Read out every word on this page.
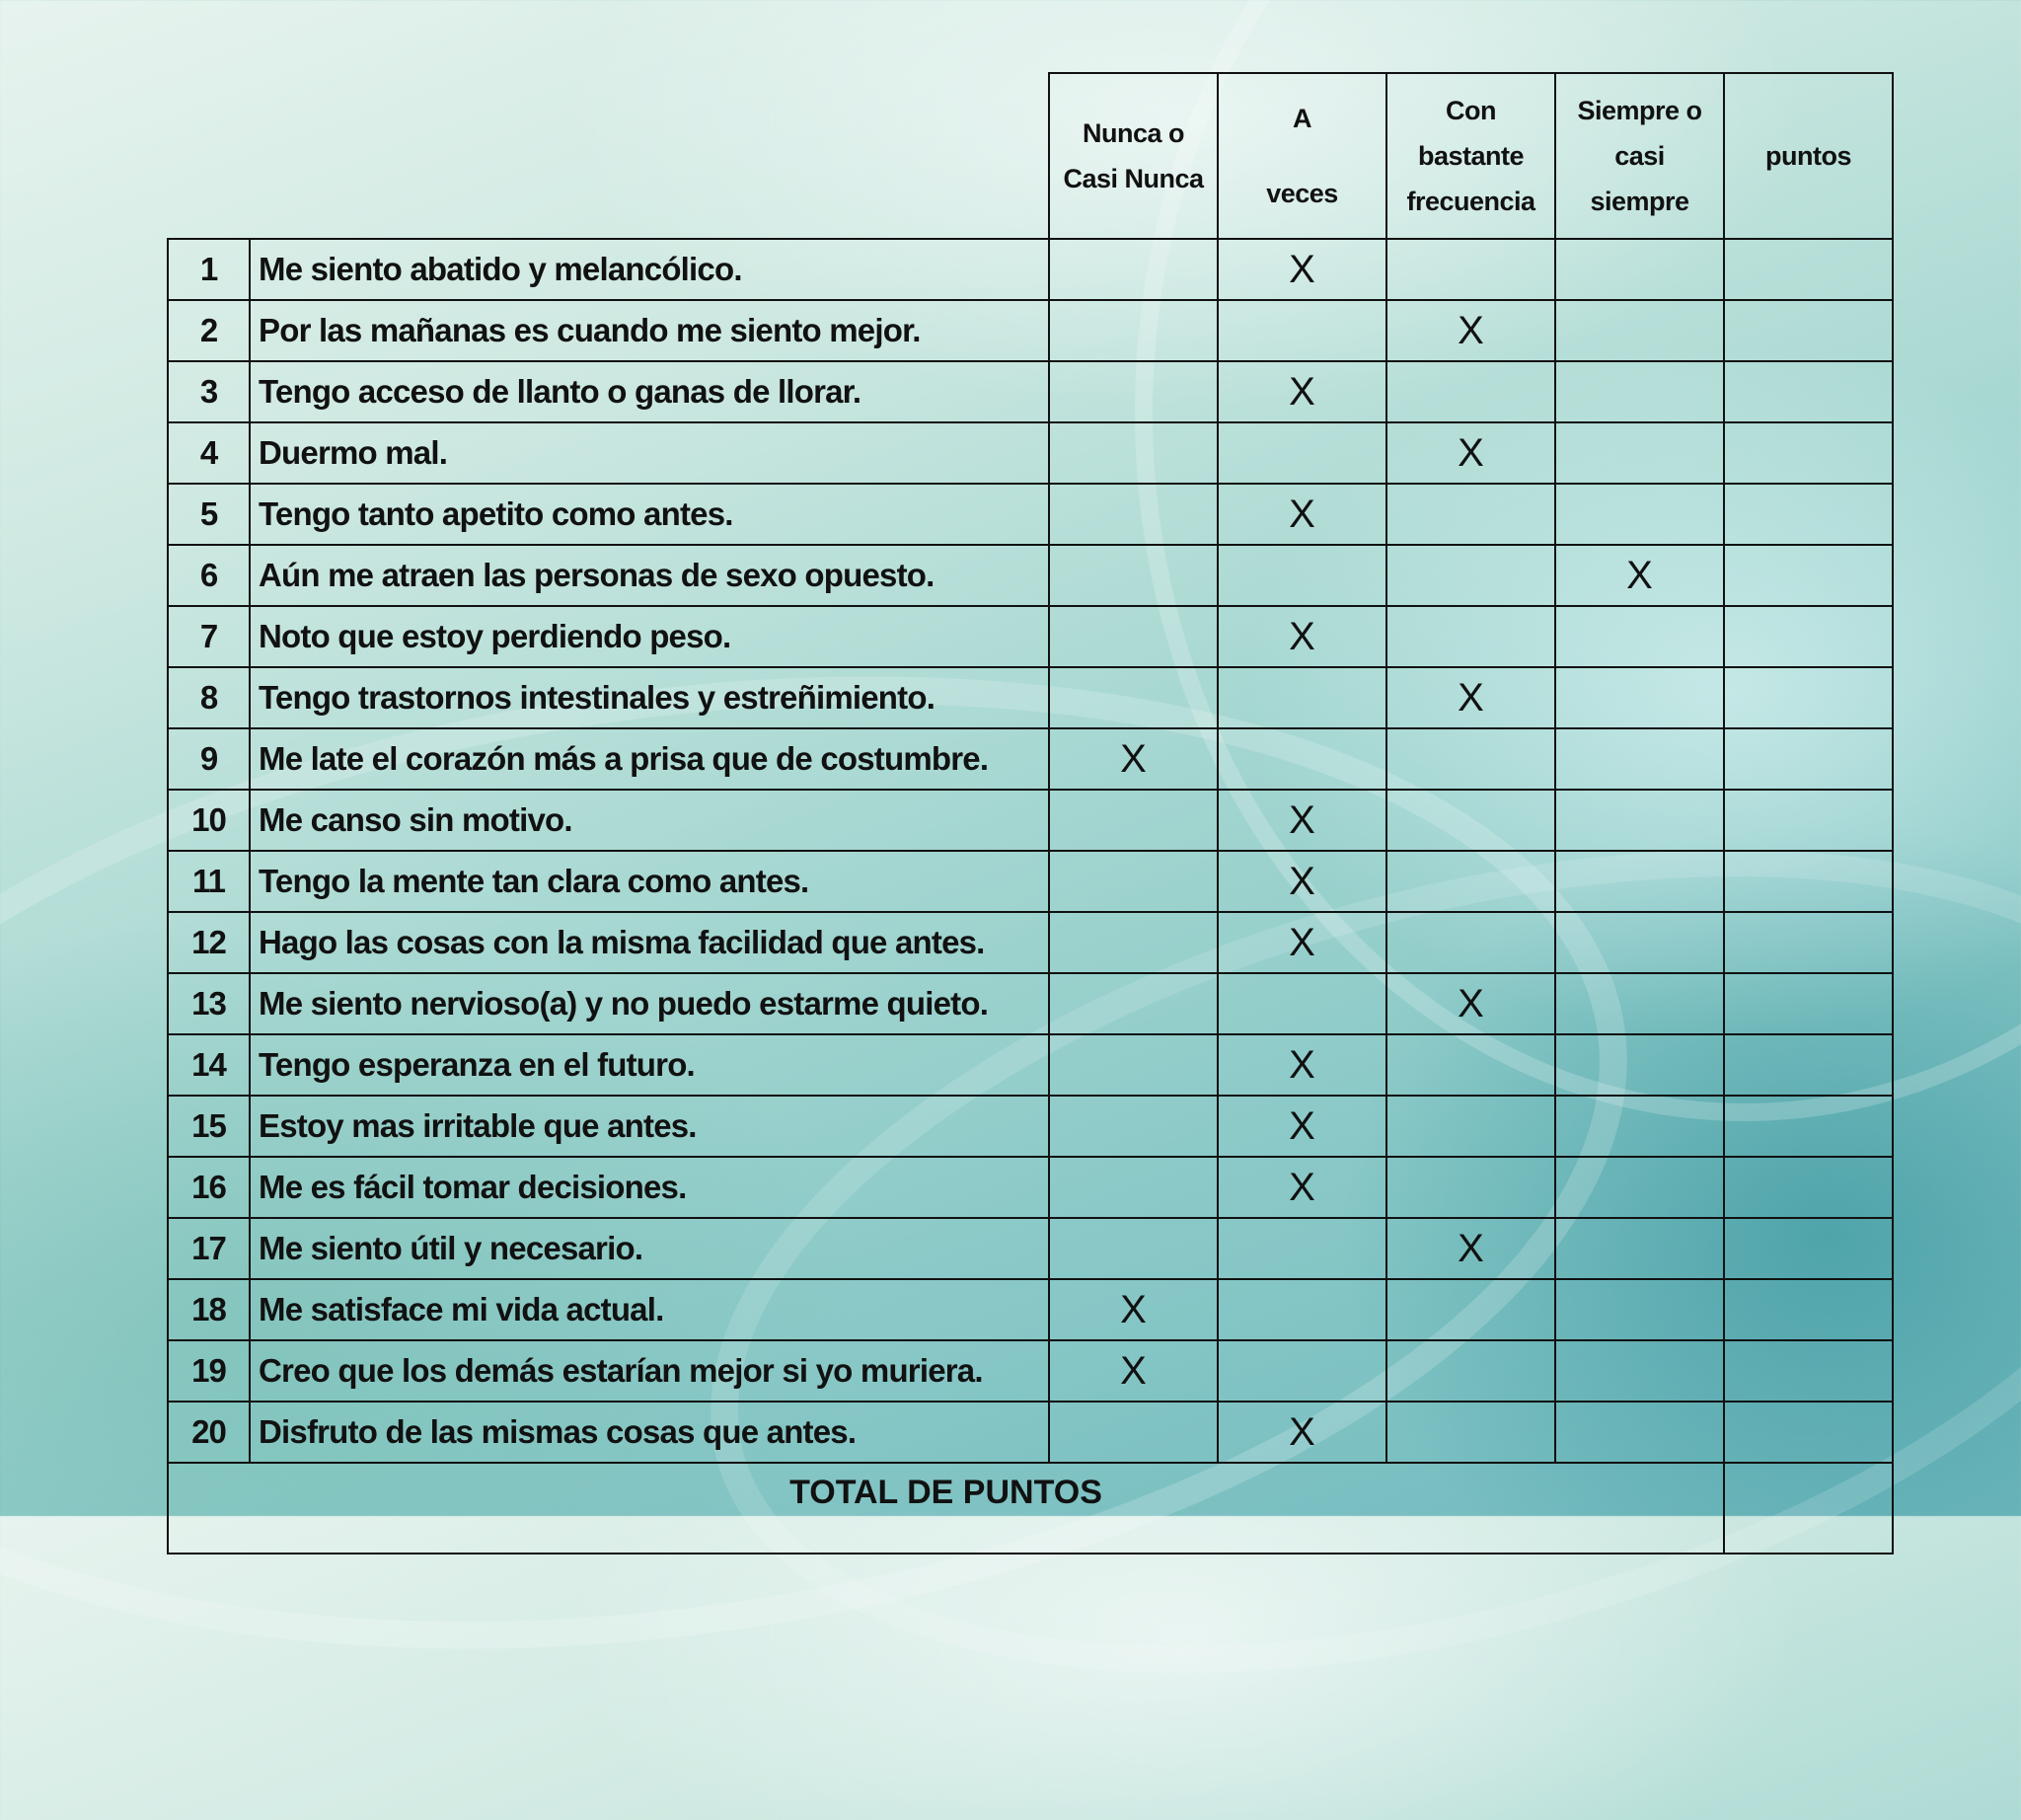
		Nunca o
Casi Nunca	A
veces	Con
bastante
frecuencia	Siempre o
casi
siempre	puntos

1	Me siento abatido y melancólico.		X			
2	Por las mañanas es cuando me siento mejor.			X		
3	Tengo acceso de llanto o ganas de llorar.		X			
4	Duermo mal.			X		
5	Tengo tanto apetito como antes.		X			
6	Aún me atraen las personas de sexo opuesto.				X	
7	Noto que estoy perdiendo peso.		X			
8	Tengo trastornos intestinales y estreñimiento.			X		
9	Me late el corazón más a prisa que de costumbre.	X				
10	Me canso sin motivo.		X			
11	Tengo la mente tan clara como antes.		X			
12	Hago las cosas con la misma facilidad que antes.		X			
13	Me siento nervioso(a) y no puedo estarme quieto.			X		
14	Tengo esperanza en el futuro.		X			
15	Estoy mas irritable que antes.		X			
16	Me es fácil tomar decisiones.		X			
17	Me siento útil y necesario.			X		
18	Me satisface mi vida actual.	X				
19	Creo que los demás estarían mejor si yo muriera.	X				
20	Disfruto de las mismas cosas que antes.		X			
TOTAL DE PUNTOS						
